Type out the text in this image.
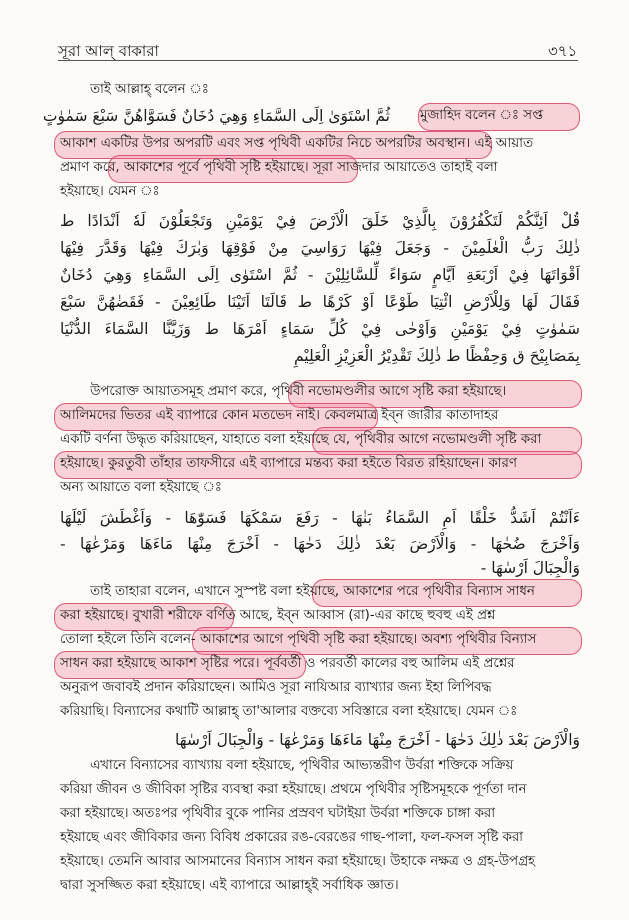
সূরা আল্ বাকারা	৩৭১
তাই আল্লাহ্ বলেন ঃ
ثُمَّ اسْتَوَىٰ اِلَى السَّمَاءِ وَهِيَ دُخَانٌ فَسَوَّاهُنَّ سَبْعَ سَمٰوٰتٍ মুজাহিদ বলেন ঃ সপ্ত
আকাশ একটির উপর অপরটি এবং সপ্ত পৃথিবী একটির নিচে অপরটির অবস্থান। এই আয়াত
প্রমাণ করে, আকাশের পূর্বে পৃথিবী সৃষ্টি হইয়াছে। সূরা সাজদার আয়াতেও তাহাই বলা
হইয়াছে। যেমন ঃ
قُلْ اَئِنَّكُمْ لَتَكْفُرُوْنَ بِالَّذِيْ خَلَقَ الْاَرْضَ فِيْ يَوْمَيْنِ وَتَجْعَلُوْنَ لَهٗ اَنْدَادًا ط
ذٰلِكَ رَبُّ الْعٰلَمِيْنَ - وَجَعَلَ فِيْهَا رَوَاسِيَ مِنْ فَوْقِهَا وَبٰرَكَ فِيْهَا وَقَدَّرَ فِيْهَا
اَقْوَاتَهَا فِيْ اَرْبَعَةِ اَيَّامٍ سَوَاءً لِّلسَّائِلِيْنَ - ثُمَّ اسْتَوٰى اِلَى السَّمَاءِ وَهِيَ دُخَانٌ
فَقَالَ لَهَا وَلِلْاَرْضِ ائْتِيَا طَوْعًا اَوْ كَرْهًا ط قَالَتَا اَتَيْنَا طَائِعِيْنَ - فَقَضٰهُنَّ سَبْعَ
سَمٰوٰتٍ فِيْ يَوْمَيْنِ وَاَوْحٰى فِيْ كُلِّ سَمَاءٍ اَمْرَهَا ط وَزَيَّنَّا السَّمَاءَ الدُّنْيَا
بِمَصَابِيْحَ ق وَحِفْظًا ط ذٰلِكَ تَقْدِيْرُ الْعَزِيْزِ الْعَلِيْمِ
উপরোক্ত আয়াতসমূহ প্রমাণ করে, পৃথিবী নভোমণ্ডলীর আগে সৃষ্টি করা হইয়াছে।
আলিমদের ভিতর এই ব্যাপারে কোন মতভেদ নাই। কেবলমাত্র ইব্‌ন জারীর কাতাদাহর
একটি বর্ণনা উদ্ধৃত করিয়াছেন, যাহাতে বলা হইয়াছে যে, পৃথিবীর আগে নভোমণ্ডলী সৃষ্টি করা
হইয়াছে। কুরতুবী তাঁহার তাফসীরে এই ব্যাপারে মন্তব্য করা হইতে বিরত রহিয়াছেন। কারণ
অন্য আয়াতে বলা হইয়াছে ঃ
ءَاَنْتُمْ اَشَدُّ خَلْقًا اَمِ السَّمَاءُ بَنٰهَا - رَفَعَ سَمْكَهَا فَسَوّٰهَا - وَاَغْطَشَ لَيْلَهَا
وَاَخْرَجَ ضُحٰهَا - وَالْاَرْضَ بَعْدَ ذٰلِكَ دَحٰهَا - اَخْرَجَ مِنْهَا مَاءَهَا وَمَرْعٰهَا -
وَالْجِبَالَ اَرْسٰهَا -
তাই তাহারা বলেন, এখানে সুস্পষ্ট বলা হইয়াছে, আকাশের পরে পৃথিবীর বিন্যাস সাধন
করা হইয়াছে। বুখারী শরীফে বর্ণিত আছে, ইব্‌ন আব্বাস (রা)-এর কাছে হুবহু এই প্রশ্ন
তোলা হইলে তিনি বলেন- আকাশের আগে পৃথিবী সৃষ্টি করা হইয়াছে। অবশ্য পৃথিবীর বিন্যাস
সাধন করা হইয়াছে আকাশ সৃষ্টির পরে। পূর্ববর্তী ও পরবর্তী কালের বহু আলিম এই প্রশ্নের
অনুরূপ জবাবই প্রদান করিয়াছেন। আমিও সূরা নাযিআর ব্যাখ্যার জন্য ইহা লিপিবদ্ধ
করিয়াছি। বিন্যাসের কথাটি আল্লাহ্ তা'আলার বক্তব্যে সবিস্তারে বলা হইয়াছে। যেমন ঃ
وَالْاَرْضَ بَعْدَ ذٰلِكَ دَحٰهَا - اَخْرَجَ مِنْهَا مَاءَهَا وَمَرْعٰهَا - وَالْجِبَالَ اَرْسٰهَا
এখানে বিন্যাসের ব্যাখ্যায় বলা হইয়াছে, পৃথিবীর আভ্যন্তরীণ উর্বরা শক্তিকে সক্রিয়
করিয়া জীবন ও জীবিকা সৃষ্টির ব্যবস্থা করা হইয়াছে। প্রথমে পৃথিবীর সৃষ্টিসমূহকে পূর্ণতা দান
করা হইয়াছে। অতঃপর পৃথিবীর বুকে পানির প্রস্রবণ ঘটাইয়া উর্বরা শক্তিকে চাঙ্গা করা
হইয়াছে এবং জীবিকার জন্য বিবিধ প্রকারের রঙ-বেরঙের গাছ-পালা, ফল-ফসল সৃষ্টি করা
হইয়াছে। তেমনি আবার আসমানের বিন্যাস সাধন করা হইয়াছে। উহাকে নক্ষত্র ও গ্রহ-উপগ্রহ
দ্বারা সুসজ্জিত করা হইয়াছে। এই ব্যাপারে আল্লাহ্ই সর্বাধিক জ্ঞাত।
